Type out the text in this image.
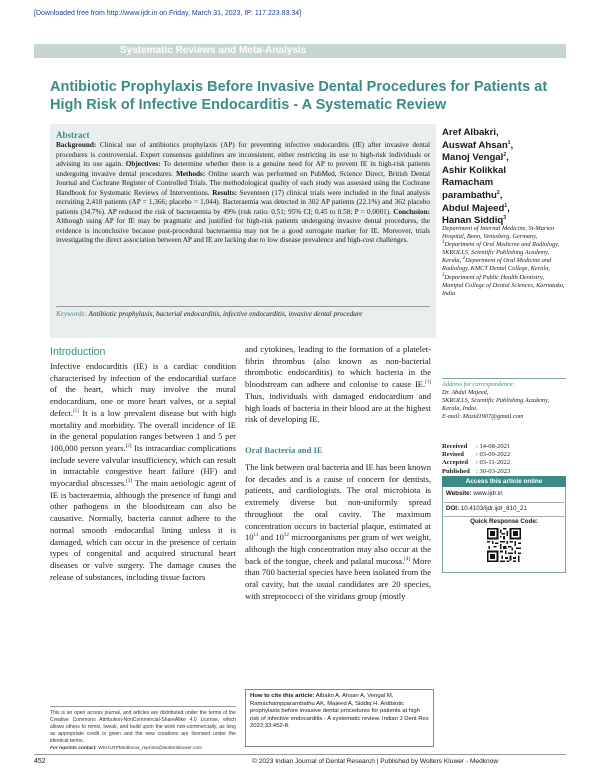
[Downloaded free from http://www.ijdr.in on Friday, March 31, 2023, IP: 117.223.83.34]
Systematic Reviews and Meta-Analysis
Antibiotic Prophylaxis Before Invasive Dental Procedures for Patients at High Risk of Infective Endocarditis - A Systematic Review
Abstract
Background: Clinical use of antibiotics prophylaxis (AP) for preventing infective endocarditis (IE) after invasive dental procedures is controversial. Expert consensus guidelines are inconsistent, either restricting its use to high-risk individuals or advising its use again. Objectives: To determine whether there is a genuine need for AP to prevent IE in high-risk patients undergoing invasive dental procedures. Methods: Online search was performed on PubMed, Science Direct, British Dental Journal and Cochrane Register of Controlled Trials. The methodological quality of each study was assessed using the Cochrane Handbook for Systematic Reviews of Interventions. Results: Seventeen (17) clinical trials were included in the final analysis recruiting 2,410 patients (AP = 1,366; placebo = 1,044). Bacteraemia was detected in 302 AP patients (22.1%) and 362 placebo patients (34.7%). AP reduced the risk of bacteraemia by 49% (risk ratio: 0.51; 95% CI; 0.45 to 0.58; P = 0.0001). Conclusion: Although using AP for IE may be pragmatic and justified for high-risk patients undergoing invasive dental procedures, the evidence is inconclusive because post-procedural bacteraemia may not be a good surrogate marker for IE. Moreover, trials investigating the direct association between AP and IE are lacking due to low disease prevalence and high-cost challenges.
Keywords: Antibiotic prophylaxis, bacterial endocarditis, infective endocarditis, invasive dental procedure
Aref Albakri,
Auswaf Ahsan$^1$,
Manoj Vengal$^2$,
Ashir Kolikkal
Ramacham
parambathu$^2$,
Abdul Majeed$^1$,
Hanan Siddiq$^3$
Department of Internal Medicine, St-Marien Hospital, Bonn, Venusberg, Germany, $^1$Department of Oral Medicine and Radiology, SKROLLS, Scientific Publishing Academy, Kerala, $^2$Department of Oral Medicine and Radiology, KMCT Dental College, Kerala, $^3$Department of Public Health Dentistry, Manipal College of Dental Sciences, Karnataka, India
Address for correspondence:
Dr. Abdul Majeed,
SKROLLS, Scientific Publishing Academy, Kerala, India.
E-mail: Mazid1907@gmail.com
Received : 14-08-2021
Revised : 03-09-2022
Accepted : 03-11-2022
Published : 30-03-2023
Access this article online
Website: www.ijdr.in
DOI: 10.4103/ijdr.ijdr_810_21
Quick Response Code:
Introduction
Infective endocarditis (IE) is a cardiac condition characterised by infection of the endocardial surface of the heart, which may involve the mural endocardium, one or more heart valves, or a septal defect.[1] It is a low prevalent disease but with high mortality and morbidity. The overall incidence of IE in the general population ranges between 1 and 5 per 100,000 person years.[2] Its intracardiac complications include severe valvular insufficiency, which can result in intractable congestive heart failure (HF) and myocardial abscesses.[3] The main aetiologic agent of IE is bacteraemia, although the presence of fungi and other pathogens in the bloodstream can also be causative. Normally, bacteria cannot adhere to the normal smooth endocardial lining unless it is damaged, which can occur in the presence of certain types of congenital and acquired structural heart diseases or valve surgery. The damage causes the release of substances, including tissue factors
and cytokines, leading to the formation of a platelet-fibrin thrombus (also known as non-bacterial thrombotic endocarditis) to which bacteria in the bloodstream can adhere and colonise to cause IE.[1] Thus, individuals with damaged endocardium and high loads of bacteria in their blood are at the highest risk of developing IE.
Oral Bacteria and IE
The link between oral bacteria and IE has been known for decades and is a cause of concern for dentists, patients, and cardiologists. The oral microbiota is extremely diverse but non-uniformly spread throughout the oral cavity. The maximum concentration occurs in bacterial plaque, estimated at $10^{11}$ and $10^{12}$ microorganisms per gram of wet weight, although the high concentration may also occur at the back of the tongue, cheek and palatal mucosa.[4] More than 700 bacterial species have been isolated from the oral cavity, but the usual candidates are 20 species, with streptococci of the viridans group (mostly
This is an open access journal, and articles are distributed under the terms of the Creative Commons Attribution-NonCommercial-ShareAlike 4.0 License, which allows others to remix, tweak, and build upon the work non-commercially, as long as appropriate credit is given and the new creations are licensed under the identical terms.
For reprints contact: WKHLRPMedknow_reprints@wolterskluwer.com
How to cite this article: Albakri A, Ahsan A, Vengal M, Ramachampparambathu AK, Majeed A, Siddiq H. Antibiotic prophylaxis before invasive dental procedures for patients at high risk of infective endocarditis - A systematic review. Indian J Dent Res 2022;33:452-8.
452	© 2023 Indian Journal of Dental Research | Published by Wolters Kluwer - Medknow
